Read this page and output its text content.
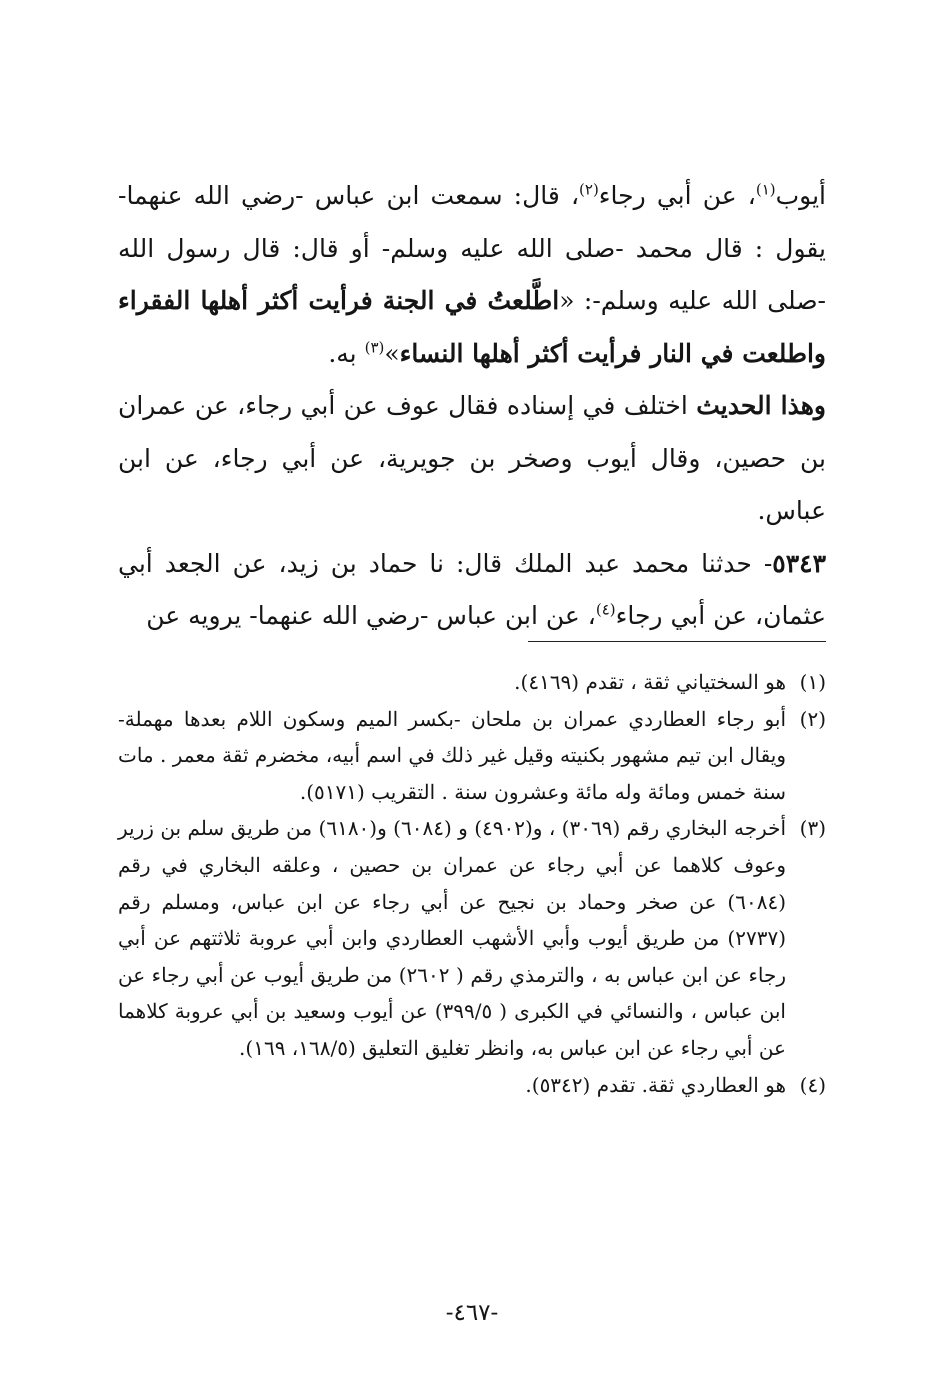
أيوب$^{(١)}$، عن أبي رجاء$^{(٢)}$، قال: سمعت ابن عباس -رضي الله عنهما- يقول : قال محمد -صلى الله عليه وسلم- أو قال: قال رسول الله -صلى الله عليه وسلم-: «اطَّلعتُ في الجنة فرأيت أكثر أهلها الفقراء واطلعت في النار فرأيت أكثر أهلها النساء»$^{(٣)}$ به.

وهذا الحديث اختلف في إسناده فقال عوف عن أبي رجاء، عن عمران بن حصين، وقال أيوب وصخر بن جويرية، عن أبي رجاء، عن ابن عباس.

٥٣٤٣- حدثنا محمد عبد الملك قال: نا حماد بن زيد، عن الجعد أبي عثمان، عن أبي رجاء$^{(٤)}$، عن ابن عباس -رضي الله عنهما- يرويه عن

(١)
هو السختياني ثقة ، تقدم (٤١٦٩).

(٢)
أبو رجاء العطاردي عمران بن ملحان -بكسر الميم وسكون اللام بعدها مهملة- ويقال ابن تيم مشهور بكنيته وقيل غير ذلك في اسم أبيه، مخضرم ثقة معمر . مات سنة خمس ومائة وله مائة وعشرون سنة . التقريب (٥١٧١).

(٣)
أخرجه البخاري رقم (٣٠٦٩) ، و(٤٩٠٢) و (٦٠٨٤) و(٦١٨٠) من طريق سلم بن زرير وعوف كلاهما عن أبي رجاء عن عمران بن حصين ، وعلقه البخاري في رقم (٦٠٨٤) عن صخر وحماد بن نجيح عن أبي رجاء عن ابن عباس، ومسلم رقم (٢٧٣٧) من طريق أيوب وأبي الأشهب العطاردي وابن أبي عروبة ثلاثتهم عن أبي رجاء عن ابن عباس به ، والترمذي رقم ( ٢٦٠٢) من طريق أيوب عن أبي رجاء عن ابن عباس ، والنسائي في الكبرى ( ٣٩٩/٥) عن أيوب وسعيد بن أبي عروبة كلاهما عن أبي رجاء عن ابن عباس به، وانظر تغليق التعليق (١٦٨/٥، ١٦٩).

(٤)
هو العطاردي ثقة. تقدم (٥٣٤٢).

-٤٦٧-
